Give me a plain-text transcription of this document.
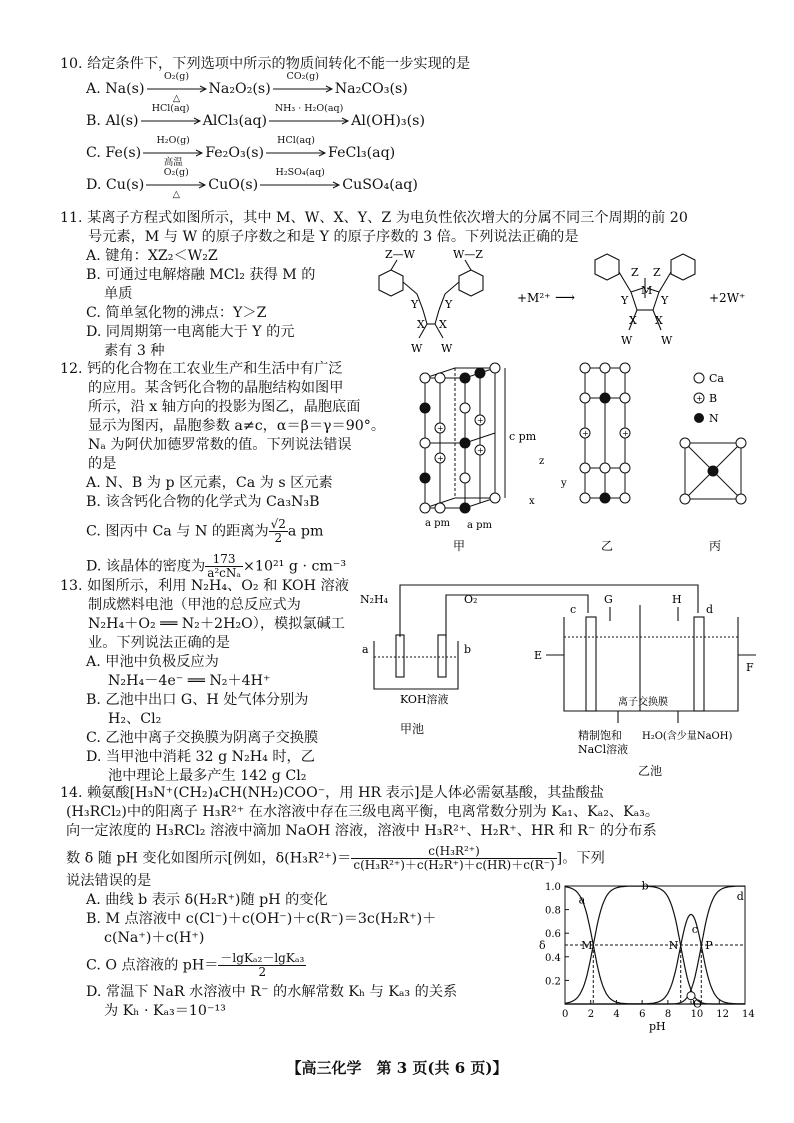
10. 给定条件下，下列选项中所示的物质间转化不能一步实现的是
A. Na(s)
O₂(g)
△
Na₂O₂(s)
CO₂(g)
Na₂CO₃(s)
B. Al(s)
HCl(aq)
AlCl₃(aq)
NH₃ · H₂O(aq)
Al(OH)₃(s)
C. Fe(s)
H₂O(g)
高温
Fe₂O₃(s)
HCl(aq)
FeCl₃(aq)
D. Cu(s)
O₂(g)
△
CuO(s)
H₂SO₄(aq)
CuSO₄(aq)
11. 某离子方程式如图所示，其中 M、W、X、Y、Z 为电负性依次增大的分属不同三个周期的前 20
号元素，M 与 W 的原子序数之和是 Y 的原子序数的 3 倍。下列说法正确的是
A. 键角：XZ₂＜W₂Z
B. 可通过电解熔融 MCl₂ 获得 M 的
单质
C. 简单氢化物的沸点：Y＞Z
D. 同周期第一电离能大于 Y 的元
素有 3 种
Z—W	W—Z
Y Y
X X
W W
+M²⁺ ⟶
Z Z
M
Y	Y
X X
W	W
+2W⁺
12. 钙的化合物在工农业生产和生活中有广泛
的应用。某含钙化合物的晶胞结构如图甲
所示，沿 x 轴方向的投影为图乙，晶胞底面
显示为图丙，晶胞参数 a≠c，α＝β＝γ＝90°。
Nₐ 为阿伏加德罗常数的值。下列说法错误
的是
A. N、B 为 p 区元素，Ca 为 s 区元素
B. 该含钙化合物的化学式为 Ca₃N₃B
C. 图丙中 Ca 与 N 的距离为 $\frac{√2}{2}$ a pm
D. 该晶体的密度为 $\frac{173}{\text{a²cNₐ}} \times 10^{21}$ g · cm⁻³
+
+
+
+
+	+
c pm
a pm a pm
z
y
x
甲	乙	丙
Ca
B
N
+
13. 如图所示，利用 N₂H₄、O₂ 和 KOH 溶液
制成燃料电池（甲池的总反应式为
N₂H₄＋O₂ ══ N₂＋2H₂O），模拟氯碱工
业。下列说法正确的是
A. 甲池中负极反应为
N₂H₄－4e⁻ ══ N₂＋4H⁺
B. 乙池中出口 G、H 处气体分别为
H₂、Cl₂
C. 乙池中离子交换膜为阴离子交换膜
D. 当甲池中消耗 32 g N₂H₄ 时，乙
池中理论上最多产生 142 g Cl₂
N₂H₄	O₂
a	b
KOH溶液
甲池
c	d
G	H
E
F
离子交换膜
精制饱和
NaCl溶液
H₂O(含少量NaOH)
乙池
14. 赖氨酸[H₃N⁺(CH₂)₄CH(NH₂)COO⁻，用 HR 表示]是人体必需氨基酸，其盐酸盐
(H₃RCl₂)中的阳离子 H₃R²⁺ 在水溶液中存在三级电离平衡，电离常数分别为 Kₐ₁、Kₐ₂、Kₐ₃。
向一定浓度的 H₃RCl₂ 溶液中滴加 NaOH 溶液，溶液中 H₃R²⁺、H₂R⁺、HR 和 R⁻ 的分布系
数 δ 随 pH 变化如图所示[例如，$\delta(H_3R^{2+})= \frac{\text{c(H₃R²⁺)}}{\text{c(H₃R²⁺)＋c(H₂R⁺)＋c(HR)＋c(R⁻)}}$ ]。下列
说法错误的是
A. 曲线 b 表示 δ(H₂R⁺)随 pH 的变化
B. M 点溶液中 c(Cl⁻)＋c(OH⁻)＋c(R⁻)＝3c(H₂R⁺)＋
c(Na⁺)＋c(H⁺)
C. O 点溶液的 $pH= \frac{\text{－lgKₐ₂－lgKₐ₃}}{2}$
D. 常温下 NaR 水溶液中 R⁻ 的水解常数 Kₕ 与 Kₐ₃ 的关系
为 Kₕ · Kₐ₃＝10⁻¹³	0 2 4 6 8 10 12 14
0.2
0.4
0.6
0.8
1.0
pH
δ
a
b
c
d
M	N
O
P
【高三化学　第 3 页(共 6 页)】
